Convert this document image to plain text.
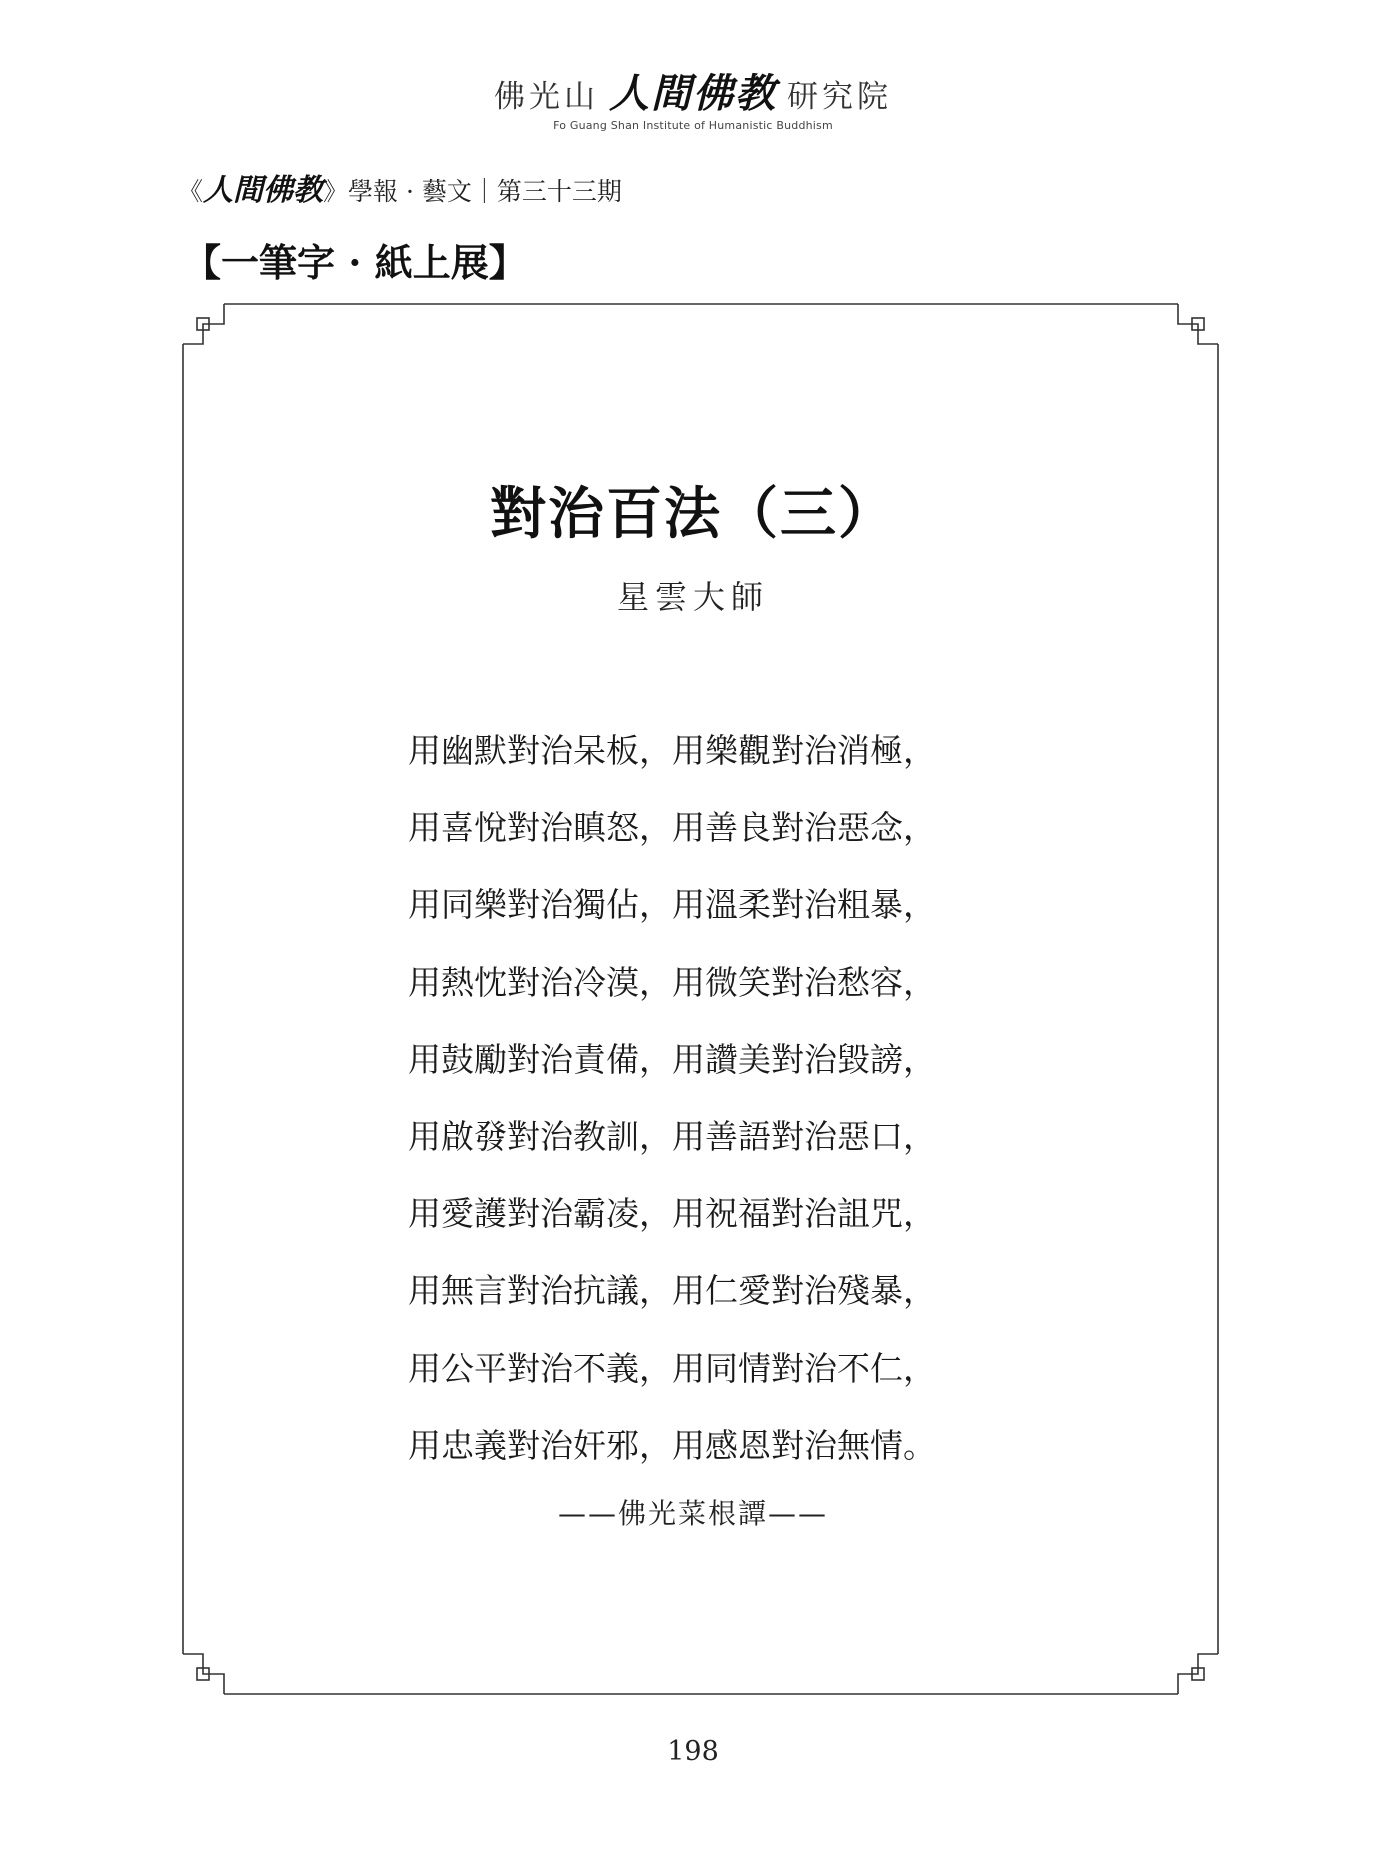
佛光山 人間佛教 研究院
Fo Guang Shan Institute of Humanistic Buddhism
《人間佛教》學報 · 藝文｜第三十三期
【一筆字 · 紙上展】
對治百法（三）
星雲大師
用幽默對治呆板，用樂觀對治消極，
用喜悅對治瞋怒，用善良對治惡念，
用同樂對治獨佔，用溫柔對治粗暴，
用熱忱對治冷漠，用微笑對治愁容，
用鼓勵對治責備，用讚美對治毀謗，
用啟發對治教訓，用善語對治惡口，
用愛護對治霸凌，用祝福對治詛咒，
用無言對治抗議，用仁愛對治殘暴，
用公平對治不義，用同情對治不仁，
用忠義對治奸邪，用感恩對治無情。
——佛光菜根譚——
198
